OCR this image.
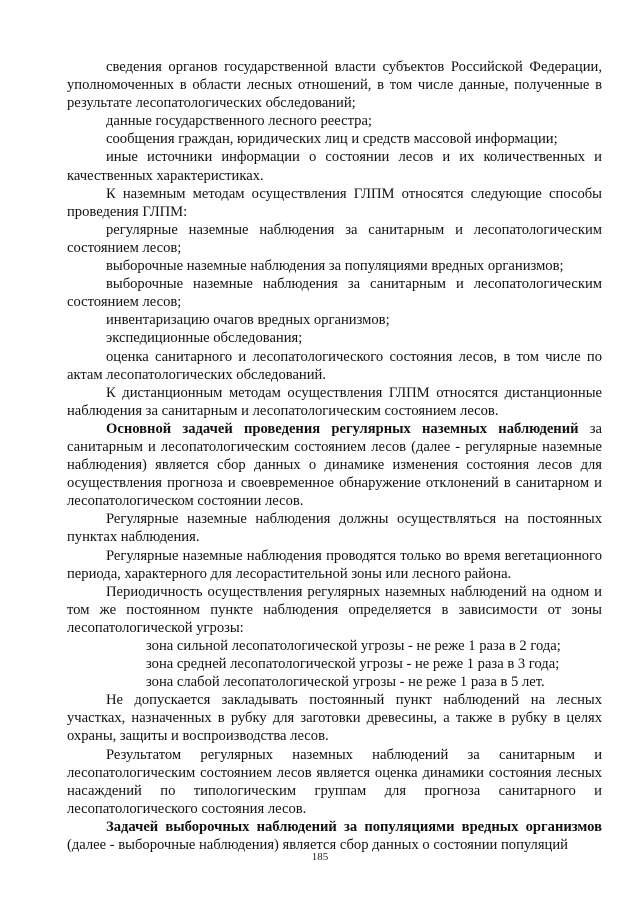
сведения органов государственной власти субъектов Российской Федерации, уполномоченных в области лесных отношений, в том числе данные, полученные в результате лесопатологических обследований;

данные государственного лесного реестра;

сообщения граждан, юридических лиц и средств массовой информации;

иные источники информации о состоянии лесов и их количественных и качественных характеристиках.

К наземным методам осуществления ГЛПМ относятся следующие способы проведения ГЛПМ:

регулярные наземные наблюдения за санитарным и лесопатологическим состоянием лесов;

выборочные наземные наблюдения за популяциями вредных организмов;

выборочные наземные наблюдения за санитарным и лесопатологическим состоянием лесов;

инвентаризацию очагов вредных организмов;

экспедиционные обследования;

оценка санитарного и лесопатологического состояния лесов, в том числе по актам лесопатологических обследований.

К дистанционным методам осуществления ГЛПМ относятся дистанционные наблюдения за санитарным и лесопатологическим состоянием лесов.

Основной задачей проведения регулярных наземных наблюдений за санитарным и лесопатологическим состоянием лесов (далее - регулярные наземные наблюдения) является сбор данных о динамике изменения состояния лесов для осуществления прогноза и своевременное обнаружение отклонений в санитарном и лесопатологическом состоянии лесов.

Регулярные наземные наблюдения должны осуществляться на постоянных пунктах наблюдения.

Регулярные наземные наблюдения проводятся только во время вегетационного периода, характерного для лесорастительной зоны или лесного района.

Периодичность осуществления регулярных наземных наблюдений на одном и том же постоянном пункте наблюдения определяется в зависимости от зоны лесопатологической угрозы:

зона сильной лесопатологической угрозы - не реже 1 раза в 2 года;

зона средней лесопатологической угрозы - не реже 1 раза в 3 года;

зона слабой лесопатологической угрозы - не реже 1 раза в 5 лет.

Не допускается закладывать постоянный пункт наблюдений на лесных участках, назначенных в рубку для заготовки древесины, а также в рубку в целях охраны, защиты и воспроизводства лесов.

Результатом регулярных наземных наблюдений за санитарным и лесопатологическим состоянием лесов является оценка динамики состояния лесных насаждений по типологическим группам для прогноза санитарного и лесопатологического состояния лесов.

Задачей выборочных наблюдений за популяциями вредных организмов (далее - выборочные наблюдения) является сбор данных о состоянии популяций

185
